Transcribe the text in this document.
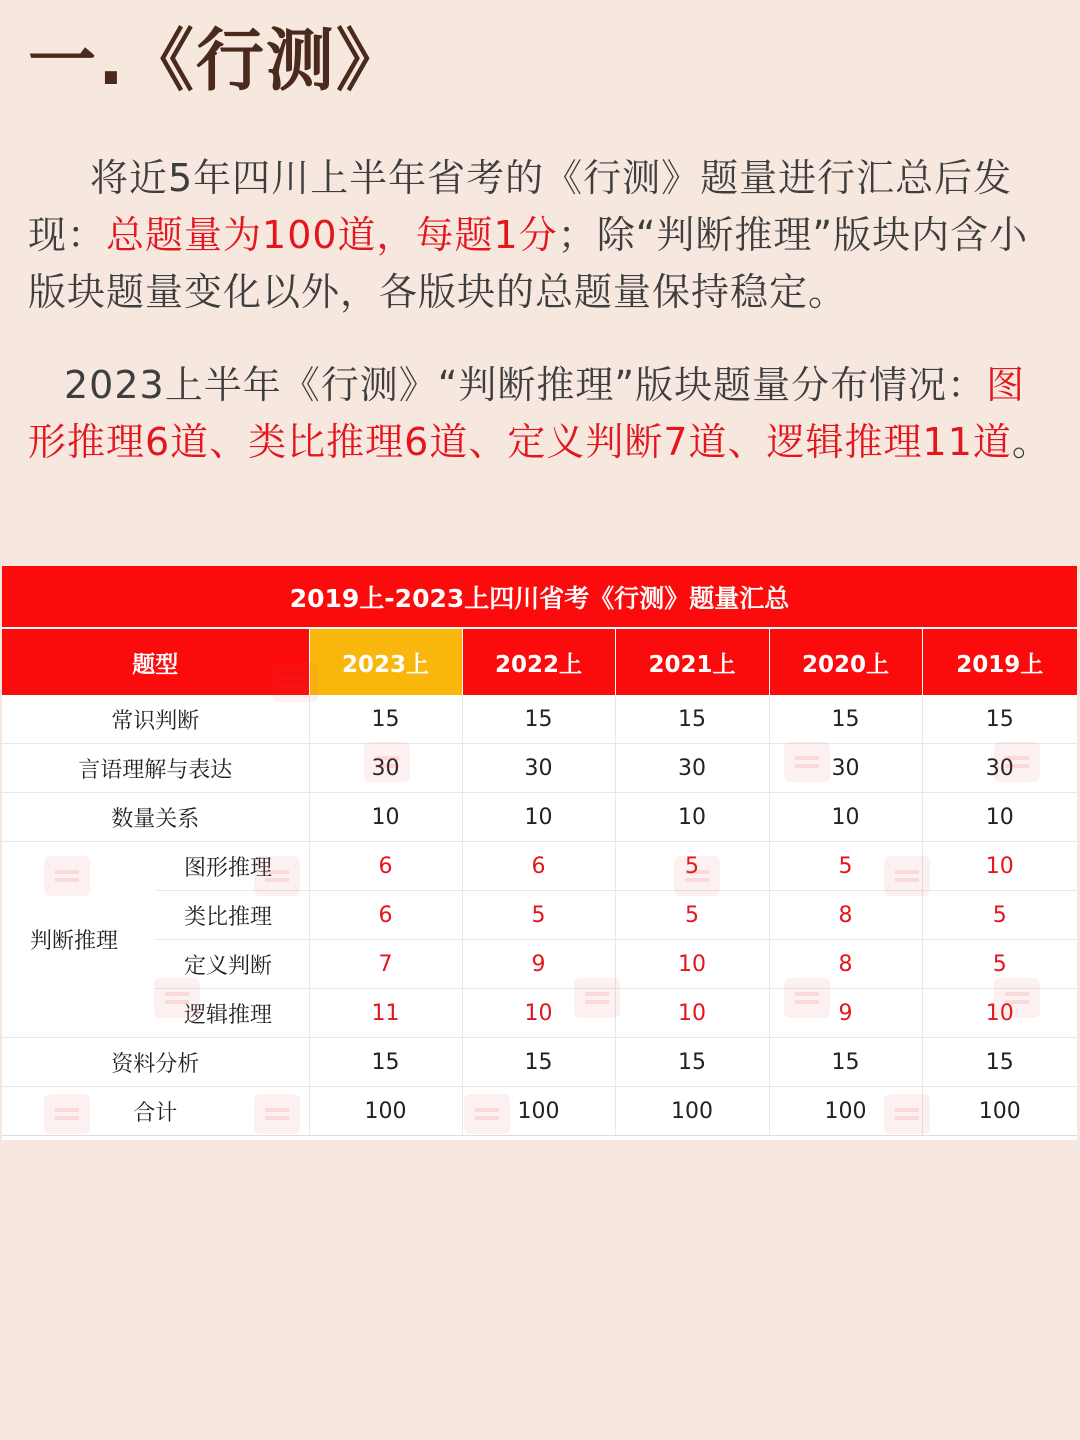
一.《行测》
将近5年四川上半年省考的《行测》题量进行汇总后发现：总题量为100道，每题1分；除“判断推理”版块内含小版块题量变化以外，各版块的总题量保持稳定。
2023上半年《行测》“判断推理”版块题量分布情况：图形推理6道、类比推理6道、定义判断7道、逻辑推理11道。
2019上-2023上四川省考《行测》题量汇总
题型		2023上	2022上	2021上	2020上	2019上
常识判断		15	15	15	15	15
言语理解与表达		30	30	30	30	30
数量关系		10	10	10	10	10
判断推理	图形推理	6	6	5	5	10
	类比推理	6	5	5	8	5
	定义判断	7	9	10	8	5
	逻辑推理	11	10	10	9	10
资料分析		15	15	15	15	15
合计		100	100	100	100	100
